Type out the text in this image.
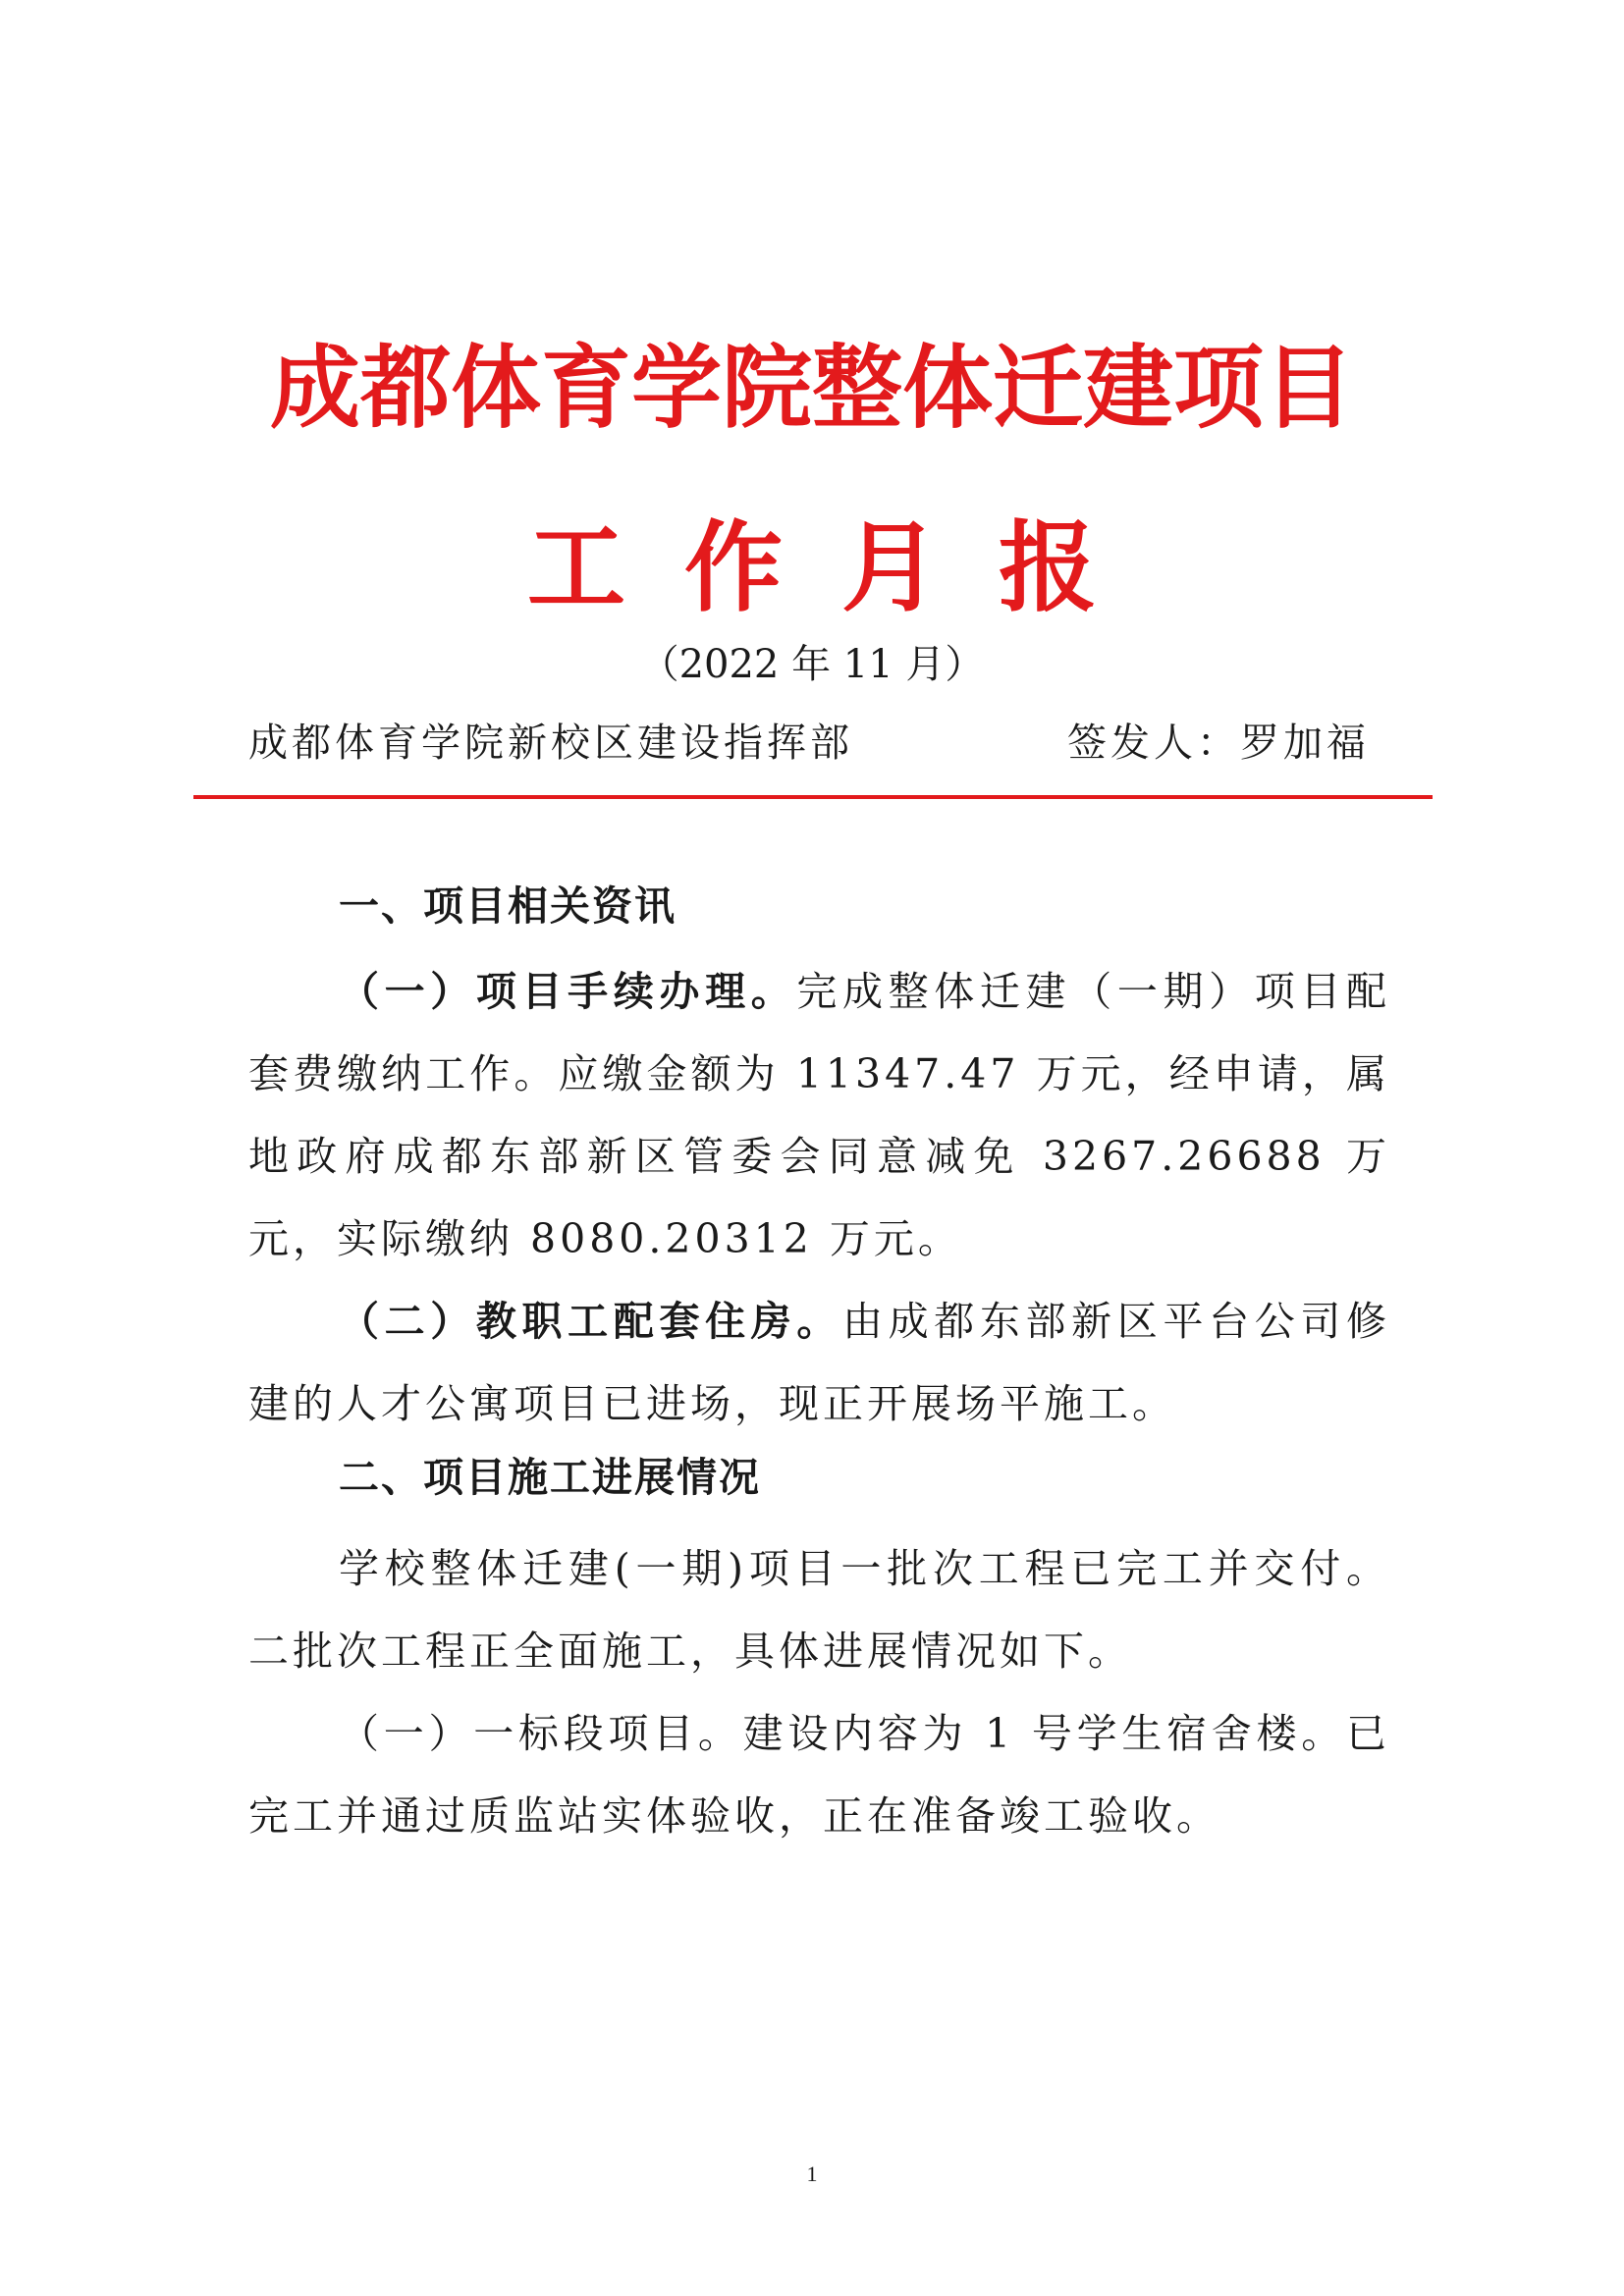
成都体育学院整体迁建项目
工作月报
（2022 年 11 月）
成都体育学院新校区建设指挥部	签发人：罗加福
一、项目相关资讯
（一）项目手续办理。完成整体迁建（一期）项目配套费缴纳工作。应缴金额为 11347.47 万元，经申请，属地政府成都东部新区管委会同意减免 3267.26688 万元，实际缴纳 8080.20312 万元。
（二）教职工配套住房。由成都东部新区平台公司修建的人才公寓项目已进场，现正开展场平施工。
二、项目施工进展情况
学校整体迁建(一期)项目一批次工程已完工并交付。二批次工程正全面施工，具体进展情况如下。
（一）一标段项目。建设内容为 1 号学生宿舍楼。已完工并通过质监站实体验收，正在准备竣工验收。
1
